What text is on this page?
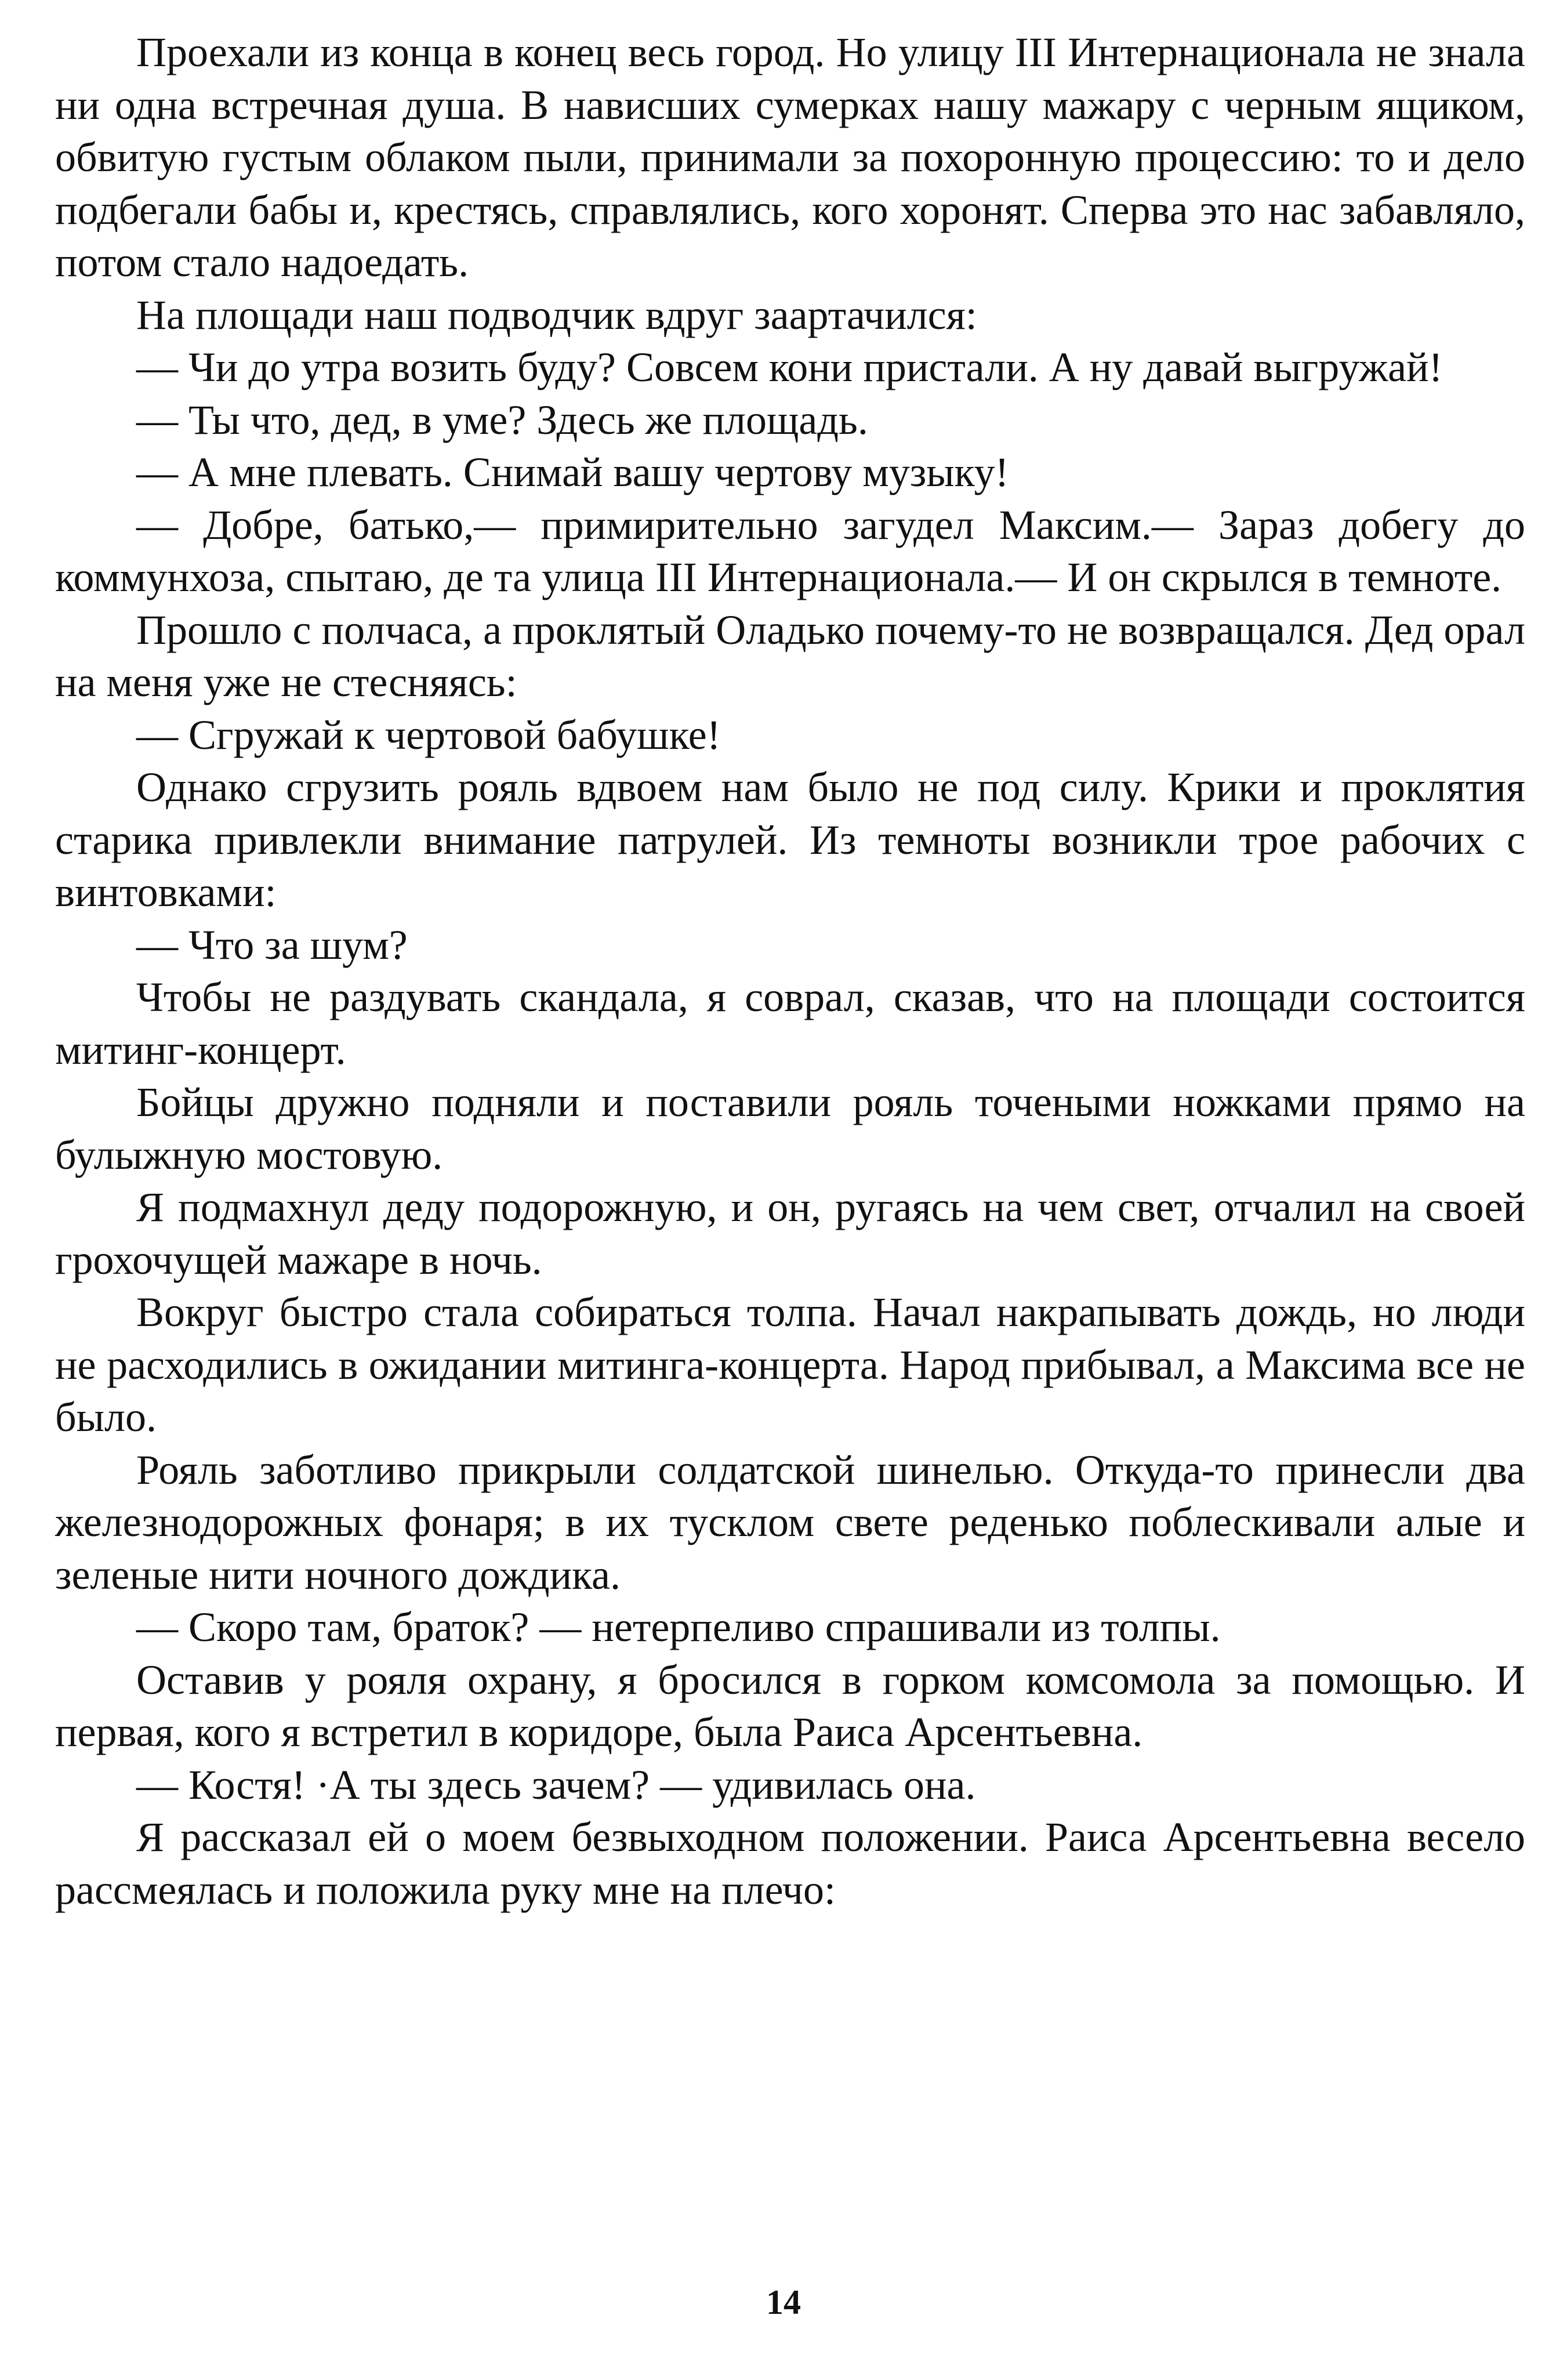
Проехали из конца в конец весь город. Но улицу III Интернационала не знала ни одна встречная душа. В нависших сумерках нашу мажару с черным ящиком, обвитую густым облаком пыли, принимали за похоронную процессию: то и дело подбегали бабы и, крестясь, справлялись, кого хоронят. Сперва это нас забавляло, потом стало надоедать.

На площади наш подводчик вдруг заартачился:

— Чи до утра возить буду? Совсем кони пристали. А ну давай выгружай!

— Ты что, дед, в уме? Здесь же площадь.

— А мне плевать. Снимай вашу чертову музыку!

— Добре, батько,— примирительно загудел Максим.— Зараз добегу до коммунхоза, спытаю, де та улица III Интернационала.— И он скрылся в темноте.

Прошло с полчаса, а проклятый Оладько почему-то не возвращался. Дед орал на меня уже не стесняясь:

— Сгружай к чертовой бабушке!

Однако сгрузить рояль вдвоем нам было не под силу. Крики и проклятия старика привлекли внимание патрулей. Из темноты возникли трое рабочих с винтовками:

— Что за шум?

Чтобы не раздувать скандала, я соврал, сказав, что на площади состоится митинг-концерт.

Бойцы дружно подняли и поставили рояль точеными ножками прямо на булыжную мостовую.

Я подмахнул деду подорожную, и он, ругаясь на чем свет, отчалил на своей грохочущей мажаре в ночь.

Вокруг быстро стала собираться толпа. Начал накрапывать дождь, но люди не расходились в ожидании митинга-концерта. Народ прибывал, а Максима все не было.

Рояль заботливо прикрыли солдатской шинелью. Откуда-то принесли два железнодорожных фонаря; в их тусклом свете реденько поблескивали алые и зеленые нити ночного дождика.

— Скоро там, браток? — нетерпеливо спрашивали из толпы.

Оставив у рояля охрану, я бросился в горком комсомола за помощью. И первая, кого я встретил в коридоре, была Раиса Арсентьевна.

— Костя! ·А ты здесь зачем? — удивилась она.

Я рассказал ей о моем безвыходном положении. Раиса Арсентьевна весело рассмеялась и положила руку мне на плечо:

14
